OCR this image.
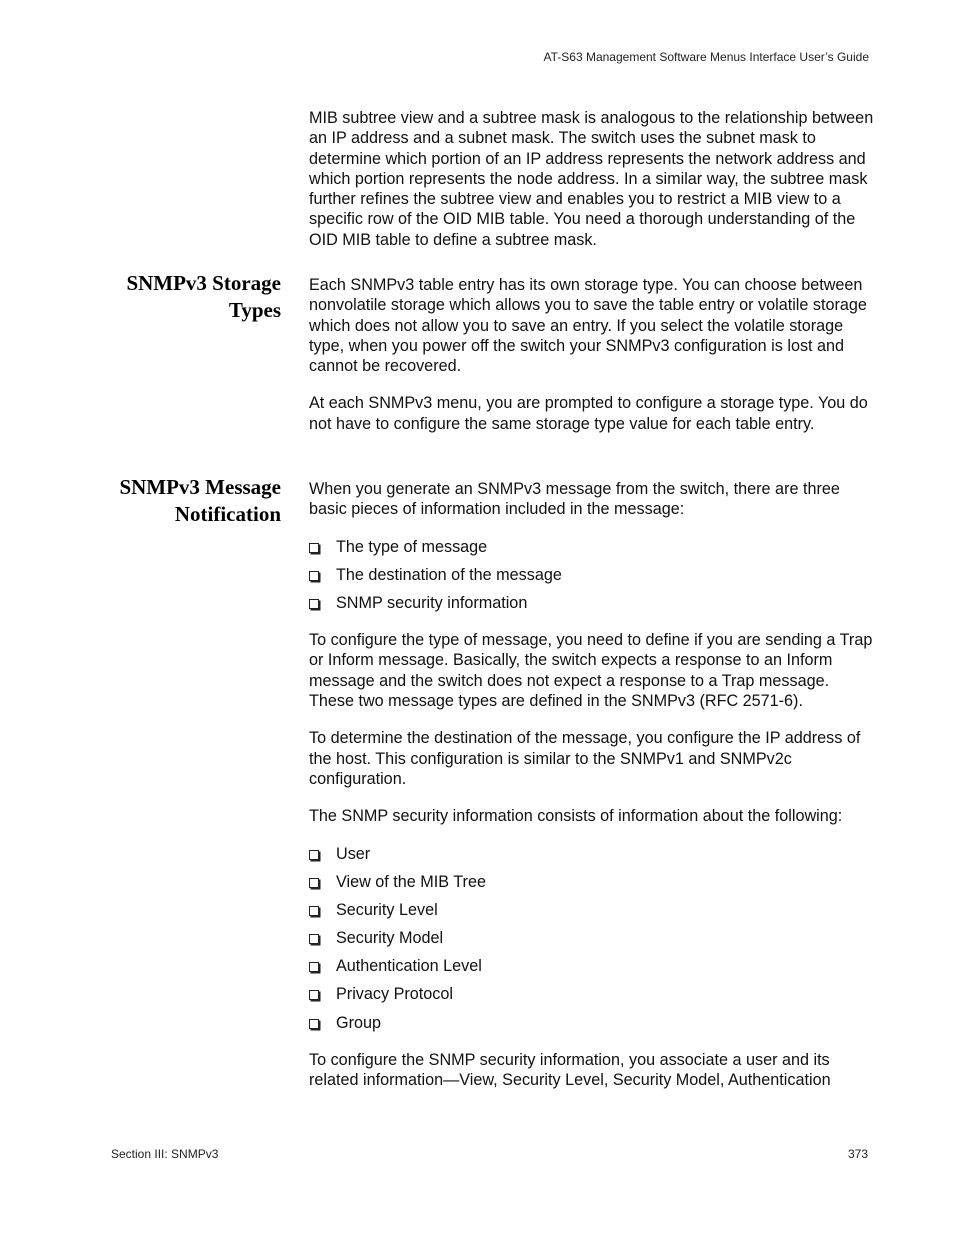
AT-S63 Management Software Menus Interface User’s Guide

MIB subtree view and a subtree mask is analogous to the relationship between an IP address and a subnet mask. The switch uses the subnet mask to determine which portion of an IP address represents the network address and which portion represents the node address. In a similar way, the subtree mask further refines the subtree view and enables you to restrict a MIB view to a specific row of the OID MIB table. You need a thorough understanding of the OID MIB table to define a subtree mask.

SNMPv3 Storage
Types

Each SNMPv3 table entry has its own storage type. You can choose between nonvolatile storage which allows you to save the table entry or volatile storage which does not allow you to save an entry. If you select the volatile storage type, when you power off the switch your SNMPv3 configuration is lost and cannot be recovered.

At each SNMPv3 menu, you are prompted to configure a storage type. You do not have to configure the same storage type value for each table entry.

SNMPv3 Message
Notification

When you generate an SNMPv3 message from the switch, there are three basic pieces of information included in the message:

The type of message
The destination of the message
SNMP security information

To configure the type of message, you need to define if you are sending a Trap or Inform message. Basically, the switch expects a response to an Inform message and the switch does not expect a response to a Trap message. These two message types are defined in the SNMPv3 (RFC 2571-6).

To determine the destination of the message, you configure the IP address of the host. This configuration is similar to the SNMPv1 and SNMPv2c configuration.

The SNMP security information consists of information about the following:

User
View of the MIB Tree
Security Level
Security Model
Authentication Level
Privacy Protocol
Group

To configure the SNMP security information, you associate a user and its related information—View, Security Level, Security Model, Authentication

Section III: SNMPv3	373
